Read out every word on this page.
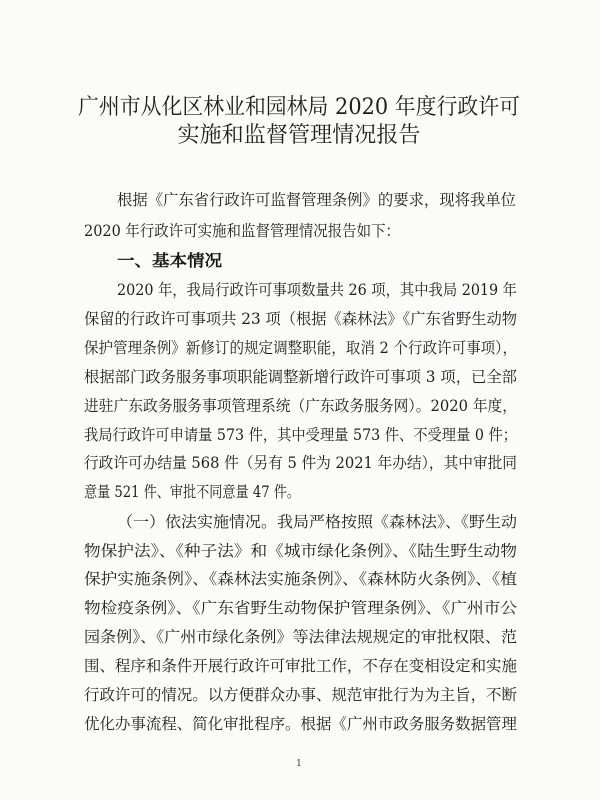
广州市从化区林业和园林局 2020 年度行政许可
实施和监督管理情况报告
根据《广东省行政许可监督管理条例》的要求，现将我单位
2020 年行政许可实施和监督管理情况报告如下：
一、基本情况
2020 年，我局行政许可事项数量共 26 项，其中我局 2019 年
保留的行政许可事项共 23 项（根据《森林法》《广东省野生动物
保护管理条例》新修订的规定调整职能，取消 2 个行政许可事项），
根据部门政务服务事项职能调整新增行政许可事项 3 项，已全部
进驻广东政务服务事项管理系统（广东政务服务网）。2020 年度，
我局行政许可申请量 573 件，其中受理量 573 件、不受理量 0 件；
行政许可办结量 568 件（另有 5 件为 2021 年办结），其中审批同
意量 521 件、审批不同意量 47 件。
（一）依法实施情况。我局严格按照《森林法》、《野生动
物保护法》、《种子法》和《城市绿化条例》、《陆生野生动物
保护实施条例》、《森林法实施条例》、《森林防火条例》、《植
物检疫条例》、《广东省野生动物保护管理条例》、《广州市公
园条例》、《广州市绿化条例》等法律法规规定的审批权限、范
围、程序和条件开展行政许可审批工作，不存在变相设定和实施
行政许可的情况。以方便群众办事、规范审批行为为主旨，不断
优化办事流程、简化审批程序。根据《广州市政务服务数据管理
1
